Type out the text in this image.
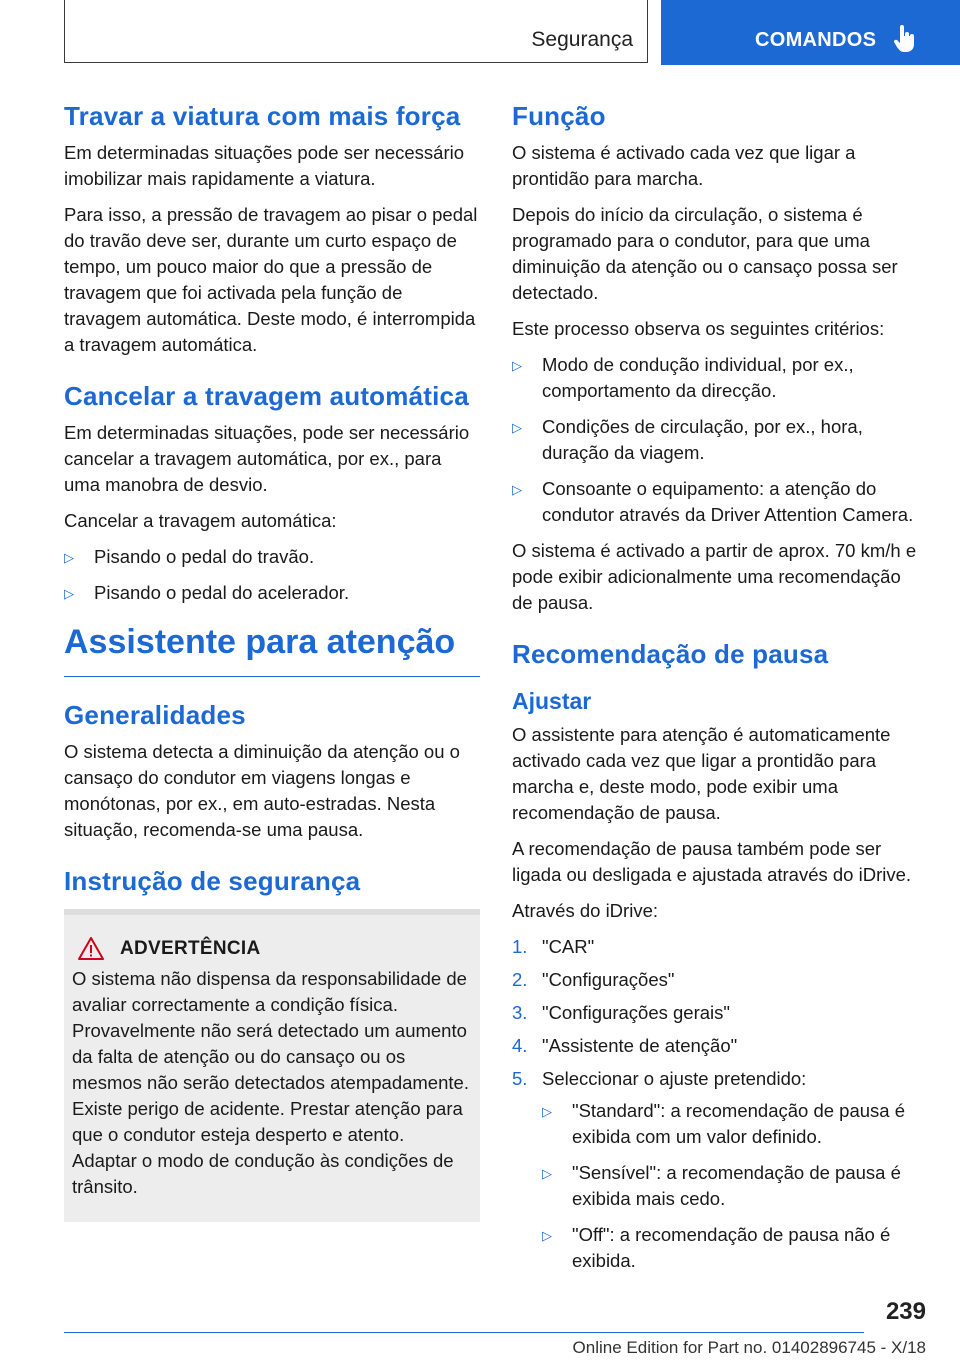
Segurança	COMANDOS
Travar a viatura com mais força

Em determinadas situações pode ser necessário imobilizar mais rapidamente a viatura.

Para isso, a pressão de travagem ao pisar o pedal do travão deve ser, durante um curto espaço de tempo, um pouco maior do que a pressão de travagem que foi activada pela função de travagem automática. Deste modo, é interrompida a travagem automática.

Cancelar a travagem automática

Em determinadas situações, pode ser necessário cancelar a travagem automática, por ex., para uma manobra de desvio.

Cancelar a travagem automática:

▷ Pisando o pedal do travão.
▷ Pisando o pedal do acelerador.
Assistente para atenção
Generalidades

O sistema detecta a diminuição da atenção ou o cansaço do condutor em viagens longas e monótonas, por ex., em auto-estradas. Nesta situação, recomenda-se uma pausa.

Instrução de segurança
ADVERTÊNCIA

O sistema não dispensa da responsabilidade de avaliar correctamente a condição física. Provavelmente não será detectado um aumento da falta de atenção ou do cansaço ou os mesmos não serão detectados atempadamente. Existe perigo de acidente. Prestar atenção para que o condutor esteja desperto e atento. Adaptar o modo de condução às condições de trânsito.

Função

O sistema é activado cada vez que ligar a prontidão para marcha.

Depois do início da circulação, o sistema é programado para o condutor, para que uma diminuição da atenção ou o cansaço possa ser detectado.

Este processo observa os seguintes critérios:

▷ Modo de condução individual, por ex., comportamento da direcção.
▷ Condições de circulação, por ex., hora, duração da viagem.
▷ Consoante o equipamento: a atenção do condutor através da Driver Attention Camera.

O sistema é activado a partir de aprox. 70 km/h e pode exibir adicionalmente uma recomendação de pausa.

Recomendação de pausa
Ajustar

O assistente para atenção é automaticamente activado cada vez que ligar a prontidão para marcha e, deste modo, pode exibir uma recomendação de pausa.

A recomendação de pausa também pode ser ligada ou desligada e ajustada através do iDrive.

Através do iDrive:

1. "CAR"
2. "Configurações"
3. "Configurações gerais"
4. "Assistente de atenção"
5. Seleccionar o ajuste pretendido:
▷ "Standard": a recomendação de pausa é exibida com um valor definido.
▷ "Sensível": a recomendação de pausa é exibida mais cedo.
▷ "Off": a recomendação de pausa não é exibida.
239
Online Edition for Part no. 01402896745 - X/18
